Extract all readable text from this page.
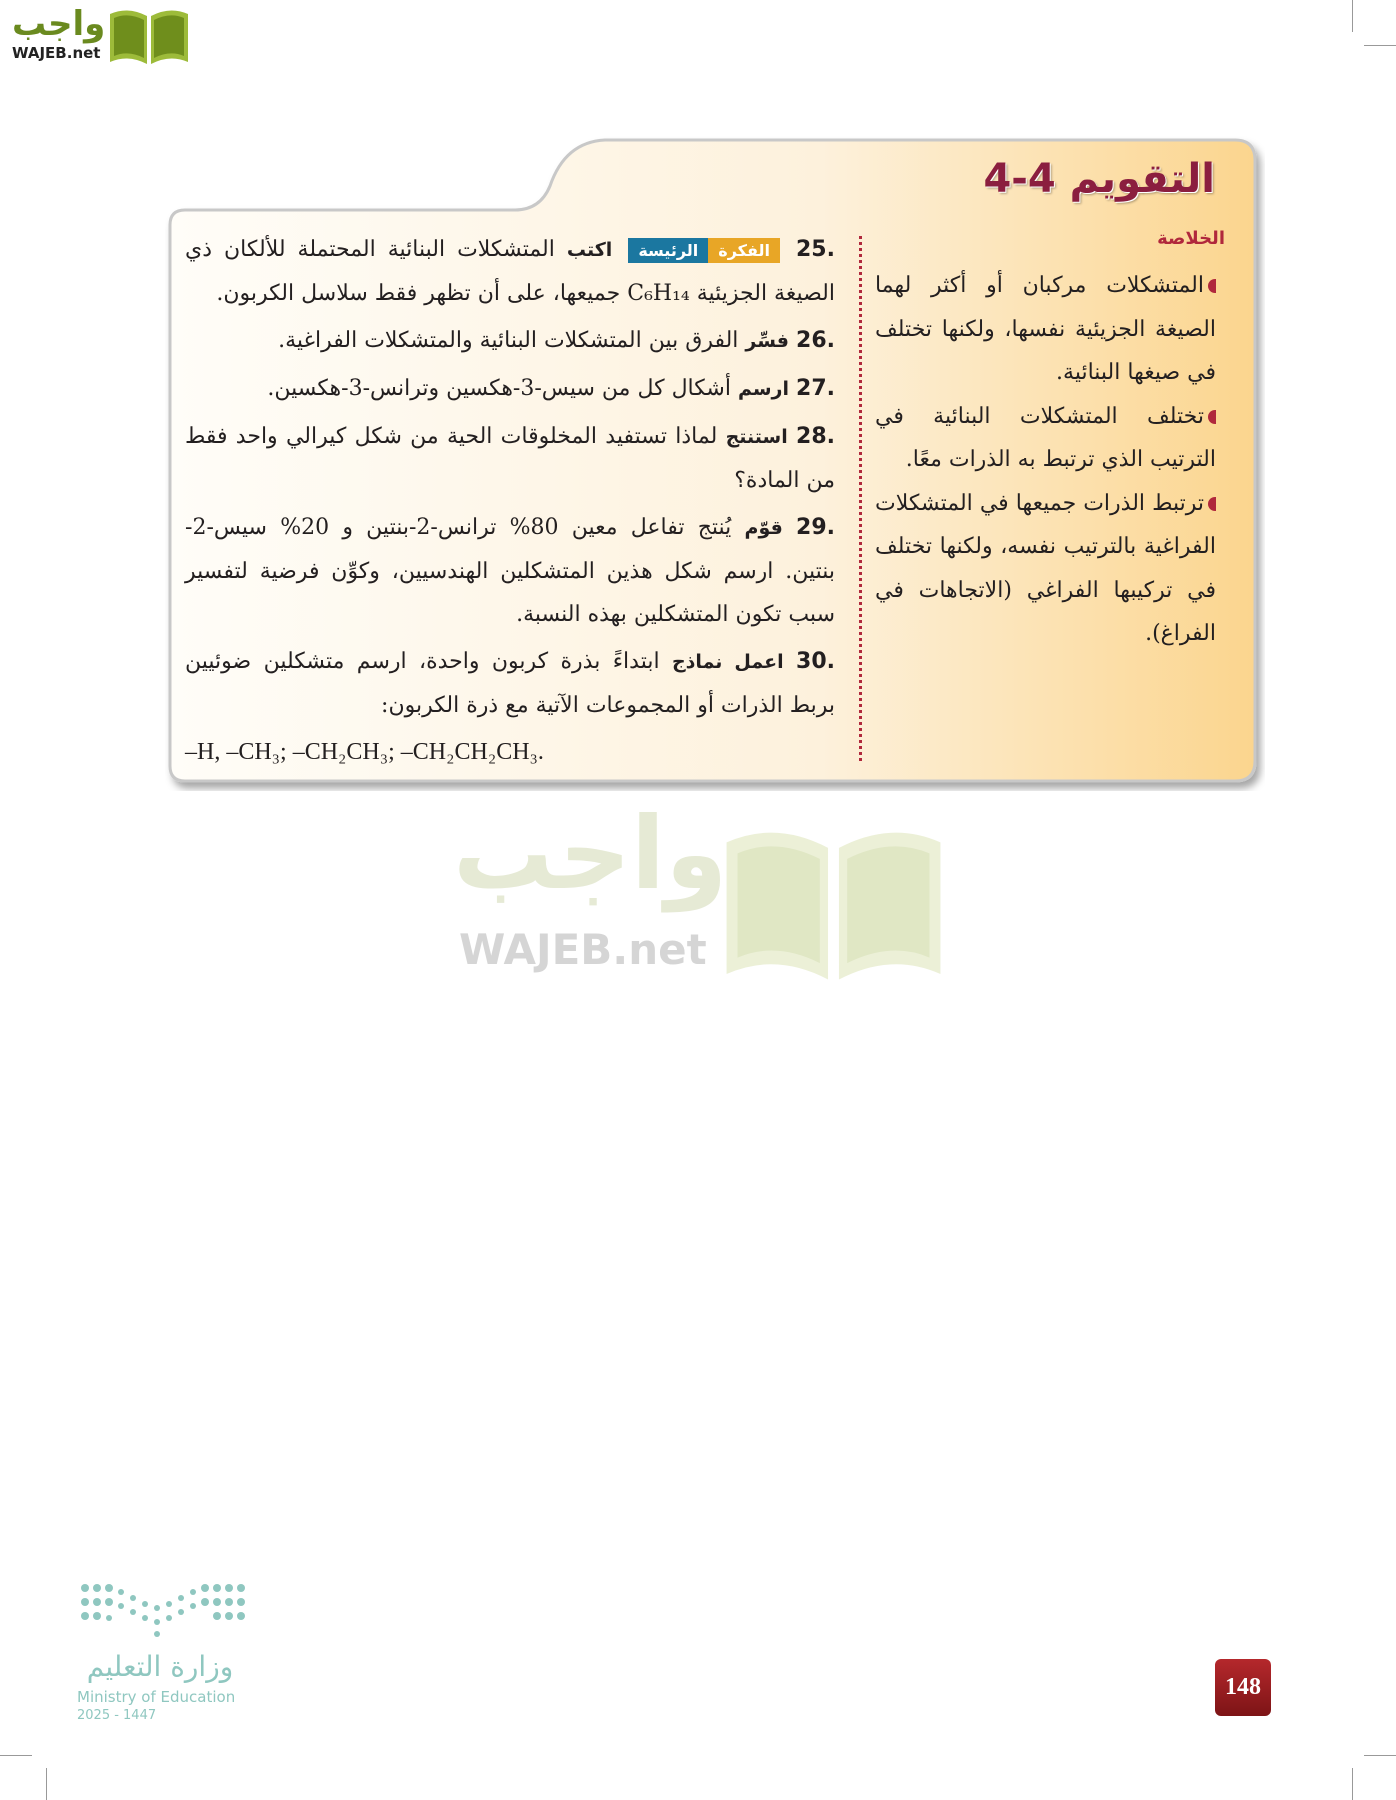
واجب
WAJEB.net
التقويم 4-4
الخلاصة
المتشكلات مركبان أو أكثر لهما الصيغة الجزيئية نفسها، ولكنها تختلف في صيغها البنائية.
تختلف المتشكلات البنائية في الترتيب الذي ترتبط به الذرات معًا.
ترتبط الذرات جميعها في المتشكلات الفراغية بالترتيب نفسه، ولكنها تختلف في تركيبها الفراغي (الاتجاهات في الفراغ).
25.
الفكرة
الرئيسة
اكتب المتشكلات البنائية المحتملة للألكان ذي الصيغة الجزيئية C₆H₁₄ جميعها، على أن تظهر فقط سلاسل الكربون.
26. فسِّر الفرق بين المتشكلات البنائية والمتشكلات الفراغية.
27. ارسم أشكال كل من سيس-3-هكسين وترانس-3-هكسين.
28. استنتج لماذا تستفيد المخلوقات الحية من شكل كيرالي واحد فقط من المادة؟
29. قوّم يُنتج تفاعل معين 80% ترانس-2-بنتين و 20% سيس-2- بنتين. ارسم شكل هذين المتشكلين الهندسيين، وكوِّن فرضية لتفسير سبب تكون المتشكلين بهذه النسبة.
30. اعمل نماذج ابتداءً بذرة كربون واحدة، ارسم متشكلين ضوئيين بربط الذرات أو المجموعات الآتية مع ذرة الكربون:
–H, –CH₃; –CH₂CH₃; –CH₂CH₂CH₃.
واجب
WAJEB.net
وزارة التعليم
Ministry of Education
2025 - 1447
148
